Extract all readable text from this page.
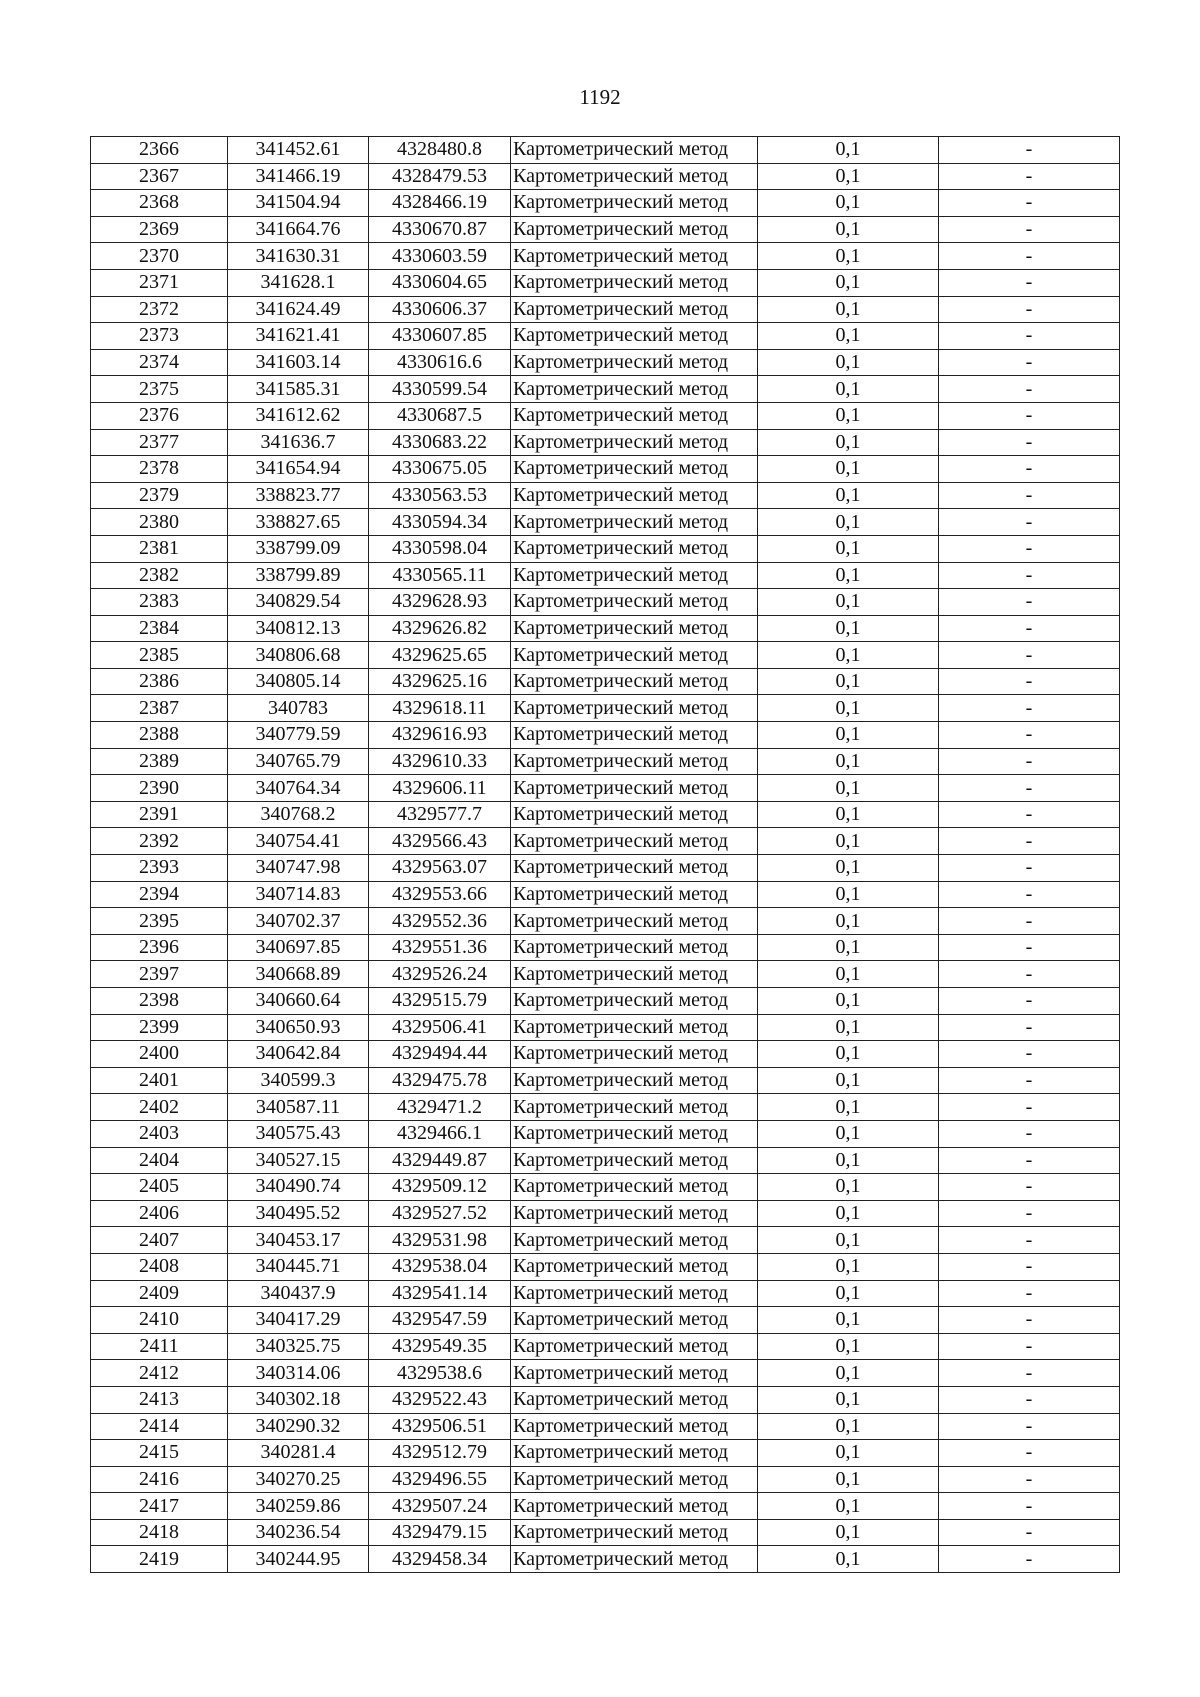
1192
2366	341452.61	4328480.8	Картометрический метод	0,1	-
2367	341466.19	4328479.53	Картометрический метод	0,1	-
2368	341504.94	4328466.19	Картометрический метод	0,1	-
2369	341664.76	4330670.87	Картометрический метод	0,1	-
2370	341630.31	4330603.59	Картометрический метод	0,1	-
2371	341628.1	4330604.65	Картометрический метод	0,1	-
2372	341624.49	4330606.37	Картометрический метод	0,1	-
2373	341621.41	4330607.85	Картометрический метод	0,1	-
2374	341603.14	4330616.6	Картометрический метод	0,1	-
2375	341585.31	4330599.54	Картометрический метод	0,1	-
2376	341612.62	4330687.5	Картометрический метод	0,1	-
2377	341636.7	4330683.22	Картометрический метод	0,1	-
2378	341654.94	4330675.05	Картометрический метод	0,1	-
2379	338823.77	4330563.53	Картометрический метод	0,1	-
2380	338827.65	4330594.34	Картометрический метод	0,1	-
2381	338799.09	4330598.04	Картометрический метод	0,1	-
2382	338799.89	4330565.11	Картометрический метод	0,1	-
2383	340829.54	4329628.93	Картометрический метод	0,1	-
2384	340812.13	4329626.82	Картометрический метод	0,1	-
2385	340806.68	4329625.65	Картометрический метод	0,1	-
2386	340805.14	4329625.16	Картометрический метод	0,1	-
2387	340783	4329618.11	Картометрический метод	0,1	-
2388	340779.59	4329616.93	Картометрический метод	0,1	-
2389	340765.79	4329610.33	Картометрический метод	0,1	-
2390	340764.34	4329606.11	Картометрический метод	0,1	-
2391	340768.2	4329577.7	Картометрический метод	0,1	-
2392	340754.41	4329566.43	Картометрический метод	0,1	-
2393	340747.98	4329563.07	Картометрический метод	0,1	-
2394	340714.83	4329553.66	Картометрический метод	0,1	-
2395	340702.37	4329552.36	Картометрический метод	0,1	-
2396	340697.85	4329551.36	Картометрический метод	0,1	-
2397	340668.89	4329526.24	Картометрический метод	0,1	-
2398	340660.64	4329515.79	Картометрический метод	0,1	-
2399	340650.93	4329506.41	Картометрический метод	0,1	-
2400	340642.84	4329494.44	Картометрический метод	0,1	-
2401	340599.3	4329475.78	Картометрический метод	0,1	-
2402	340587.11	4329471.2	Картометрический метод	0,1	-
2403	340575.43	4329466.1	Картометрический метод	0,1	-
2404	340527.15	4329449.87	Картометрический метод	0,1	-
2405	340490.74	4329509.12	Картометрический метод	0,1	-
2406	340495.52	4329527.52	Картометрический метод	0,1	-
2407	340453.17	4329531.98	Картометрический метод	0,1	-
2408	340445.71	4329538.04	Картометрический метод	0,1	-
2409	340437.9	4329541.14	Картометрический метод	0,1	-
2410	340417.29	4329547.59	Картометрический метод	0,1	-
2411	340325.75	4329549.35	Картометрический метод	0,1	-
2412	340314.06	4329538.6	Картометрический метод	0,1	-
2413	340302.18	4329522.43	Картометрический метод	0,1	-
2414	340290.32	4329506.51	Картометрический метод	0,1	-
2415	340281.4	4329512.79	Картометрический метод	0,1	-
2416	340270.25	4329496.55	Картометрический метод	0,1	-
2417	340259.86	4329507.24	Картометрический метод	0,1	-
2418	340236.54	4329479.15	Картометрический метод	0,1	-
2419	340244.95	4329458.34	Картометрический метод	0,1	-
